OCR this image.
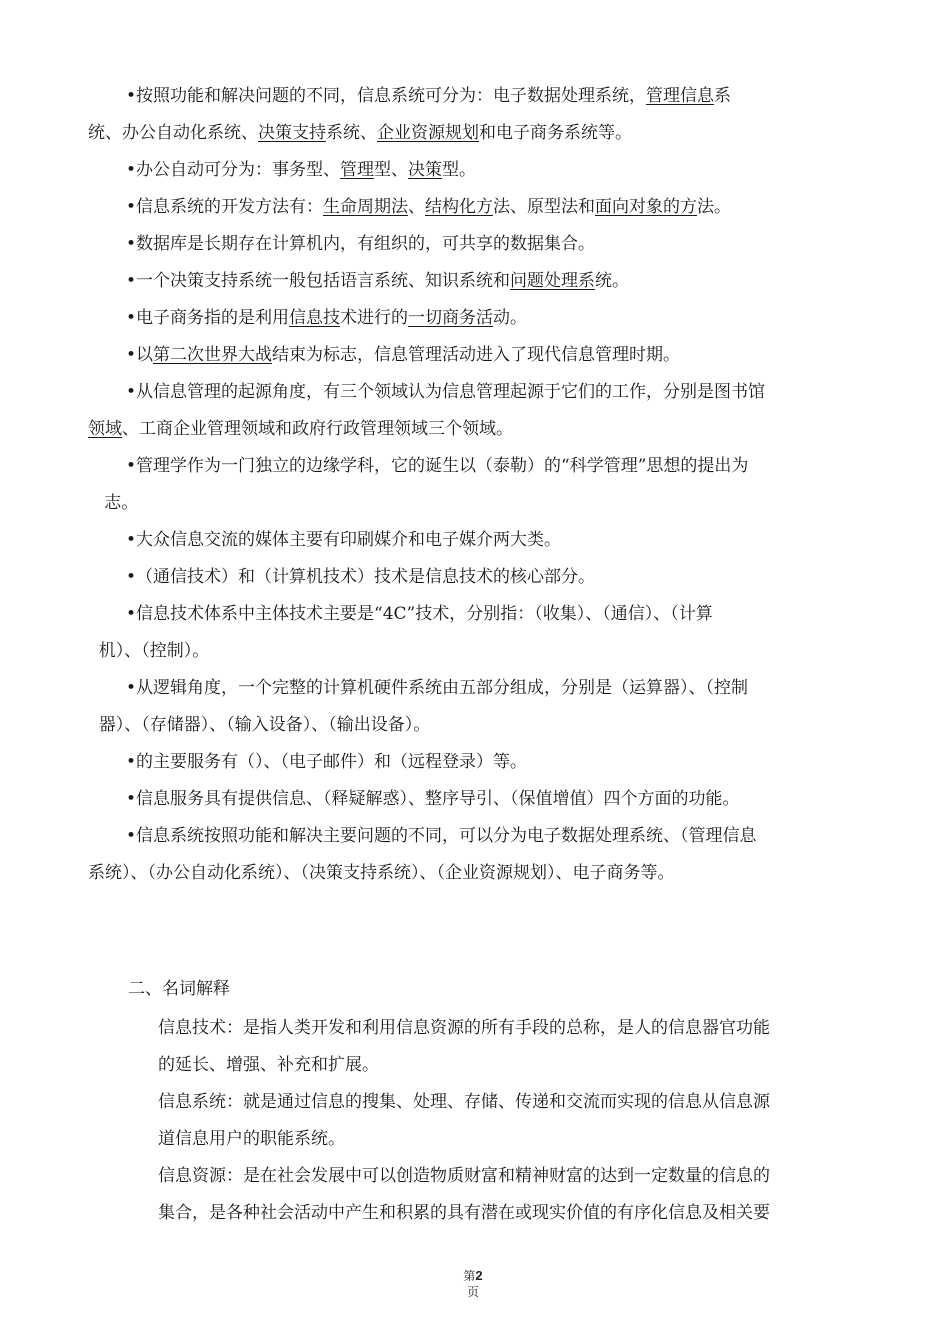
•按照功能和解决问题的不同，信息系统可分为：电子数据处理系统，管理信息系
统、办公自动化系统、决策支持系统、企业资源规划和电子商务系统等。
•办公自动可分为：事务型、管理型、决策型。
•信息系统的开发方法有：生命周期法、结构化方法、原型法和面向对象的方法。
•数据库是长期存在计算机内，有组织的，可共享的数据集合。
•一个决策支持系统一般包括语言系统、知识系统和问题处理系统。
•电子商务指的是利用信息技术进行的一切商务活动。
•以第二次世界大战结束为标志，信息管理活动进入了现代信息管理时期。
•从信息管理的起源角度，有三个领域认为信息管理起源于它们的工作，分别是图书馆
领域、工商企业管理领域和政府行政管理领域三个领域。
•管理学作为一门独立的边缘学科，它的诞生以（泰勒）的“科学管理”思想的提出为
志。
•大众信息交流的媒体主要有印刷媒介和电子媒介两大类。
•（通信技术）和（计算机技术）技术是信息技术的核心部分。
•信息技术体系中主体技术主要是“4C”技术，分别指：（收集）、（通信）、（计算
机）、（控制）。
•从逻辑角度，一个完整的计算机硬件系统由五部分组成，分别是（运算器）、（控制
器）、（存储器）、（输入设备）、（输出设备）。
•的主要服务有（）、（电子邮件）和（远程登录）等。
•信息服务具有提供信息、（释疑解惑）、整序导引、（保值增值）四个方面的功能。
•信息系统按照功能和解决主要问题的不同，可以分为电子数据处理系统、（管理信息
系统）、（办公自动化系统）、（决策支持系统）、（企业资源规划）、电子商务等。
二、名词解释
信息技术：是指人类开发和利用信息资源的所有手段的总称，是人的信息器官功能
的延长、增强、补充和扩展。
信息系统：就是通过信息的搜集、处理、存储、传递和交流而实现的信息从信息源
道信息用户的职能系统。
信息资源：是在社会发展中可以创造物质财富和精神财富的达到一定数量的信息的
集合，是各种社会活动中产生和积累的具有潜在或现实价值的有序化信息及相关要
第2
页
